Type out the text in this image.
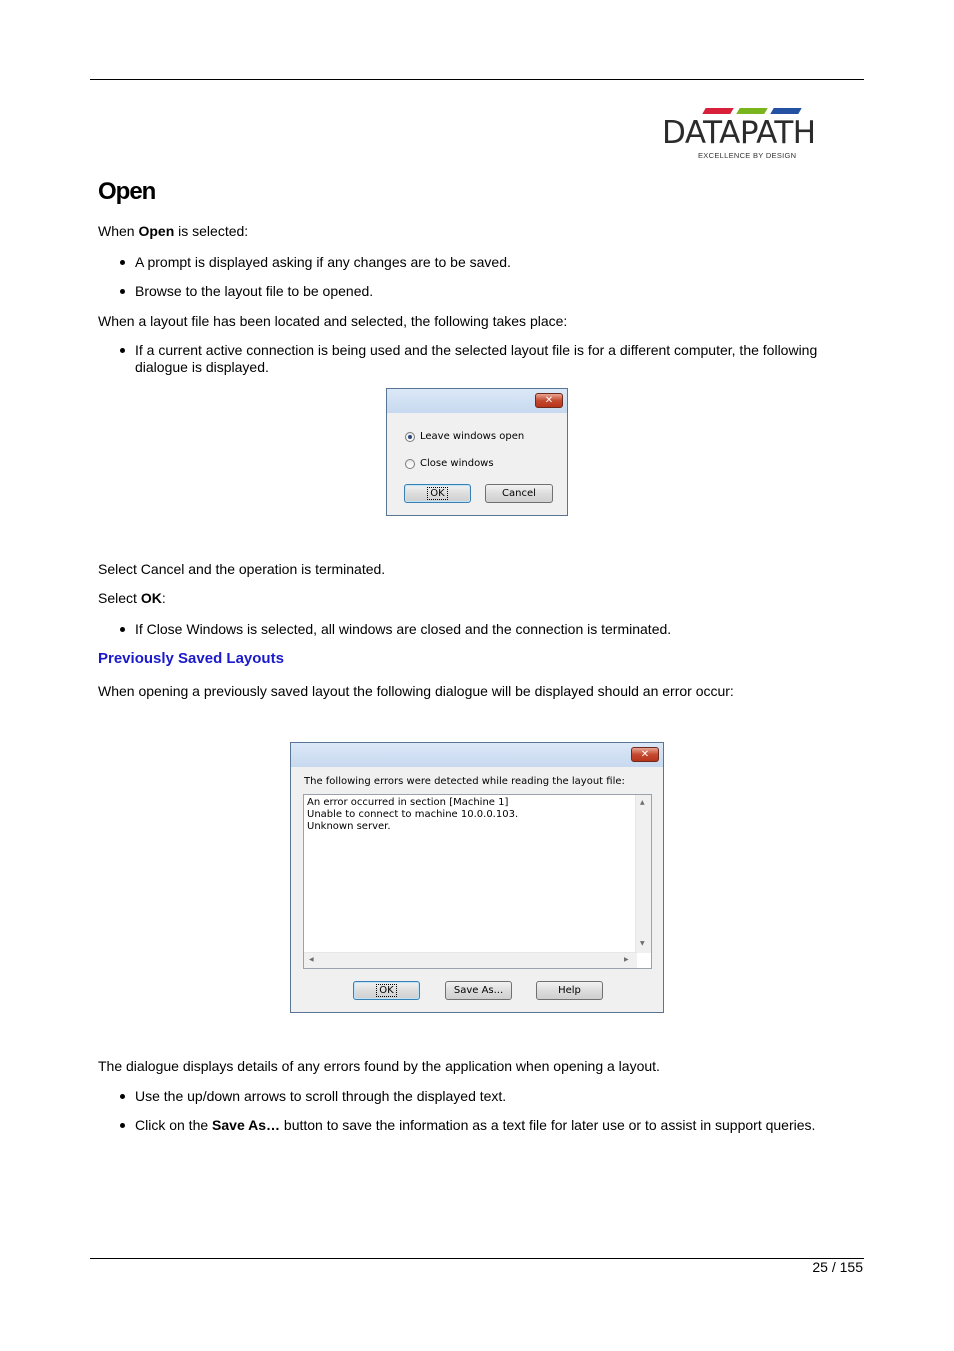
DATAPATH
EXCELLENCE BY DESIGN
Open

When Open is selected:

A prompt is displayed asking if any changes are to be saved.
Browse to the layout file to be opened.

When a layout file has been located and selected, the following takes place:

If a current active connection is being used and the selected layout file is for a different computer, the following dialogue is displayed.
✕
Leave windows open
Close windows
OK	Cancel

Select Cancel and the operation is terminated.

Select OK:

If Close Windows is selected, all windows are closed and the connection is terminated.
Previously Saved Layouts

When opening a previously saved layout the following dialogue will be displayed should an error occur:

✕
The following errors were detected while reading the layout file:
An error occurred in section [Machine 1]
Unable to connect to machine 10.0.0.103.
Unknown server.
▲
▼
◀	▶
OK	Save As...	Help

The dialogue displays details of any errors found by the application when opening a layout.

Use the up/down arrows to scroll through the displayed text.
Click on the Save As… button to save the information as a text file for later use or to assist in support queries.
25 / 155
